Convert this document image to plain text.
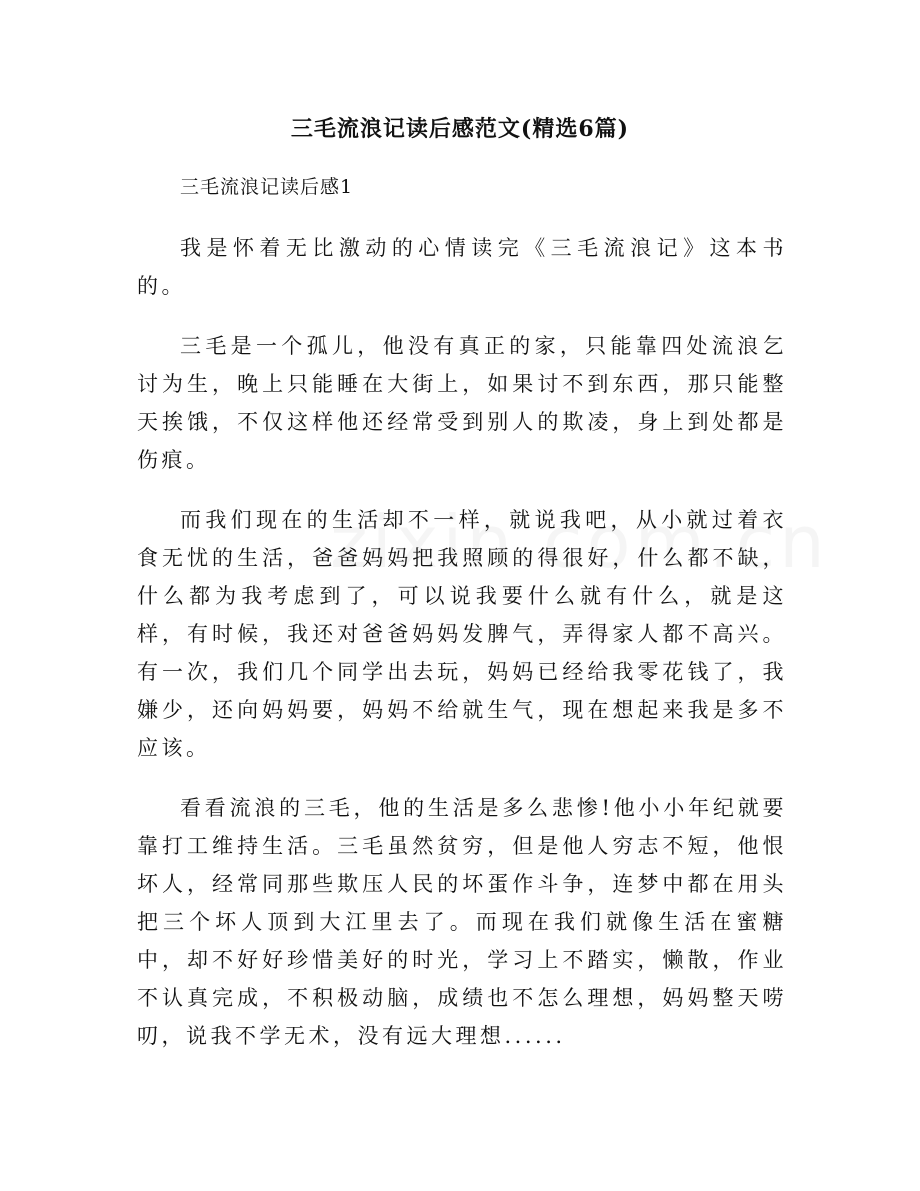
三毛流浪记读后感范文(精选6篇)
三毛流浪记读后感1

我是怀着无比激动的心情读完《三毛流浪记》这本书的。

三毛是一个孤儿，他没有真正的家，只能靠四处流浪乞讨为生，晚上只能睡在大街上，如果讨不到东西，那只能整天挨饿，不仅这样他还经常受到别人的欺凌，身上到处都是伤痕。

而我们现在的生活却不一样，就说我吧，从小就过着衣食无忧的生活，爸爸妈妈把我照顾的得很好，什么都不缺，什么都为我考虑到了，可以说我要什么就有什么，就是这样，有时候，我还对爸爸妈妈发脾气，弄得家人都不高兴。有一次，我们几个同学出去玩，妈妈已经给我零花钱了，我嫌少，还向妈妈要，妈妈不给就生气，现在想起来我是多不应该。

看看流浪的三毛，他的生活是多么悲惨!他小小年纪就要靠打工维持生活。三毛虽然贫穷，但是他人穷志不短，他恨坏人，经常同那些欺压人民的坏蛋作斗争，连梦中都在用头把三个坏人顶到大江里去了。而现在我们就像生活在蜜糖中，却不好好珍惜美好的时光，学习上不踏实，懒散，作业不认真完成，不积极动脑，成绩也不怎么理想，妈妈整天唠叨，说我不学无术，没有远大理想......
